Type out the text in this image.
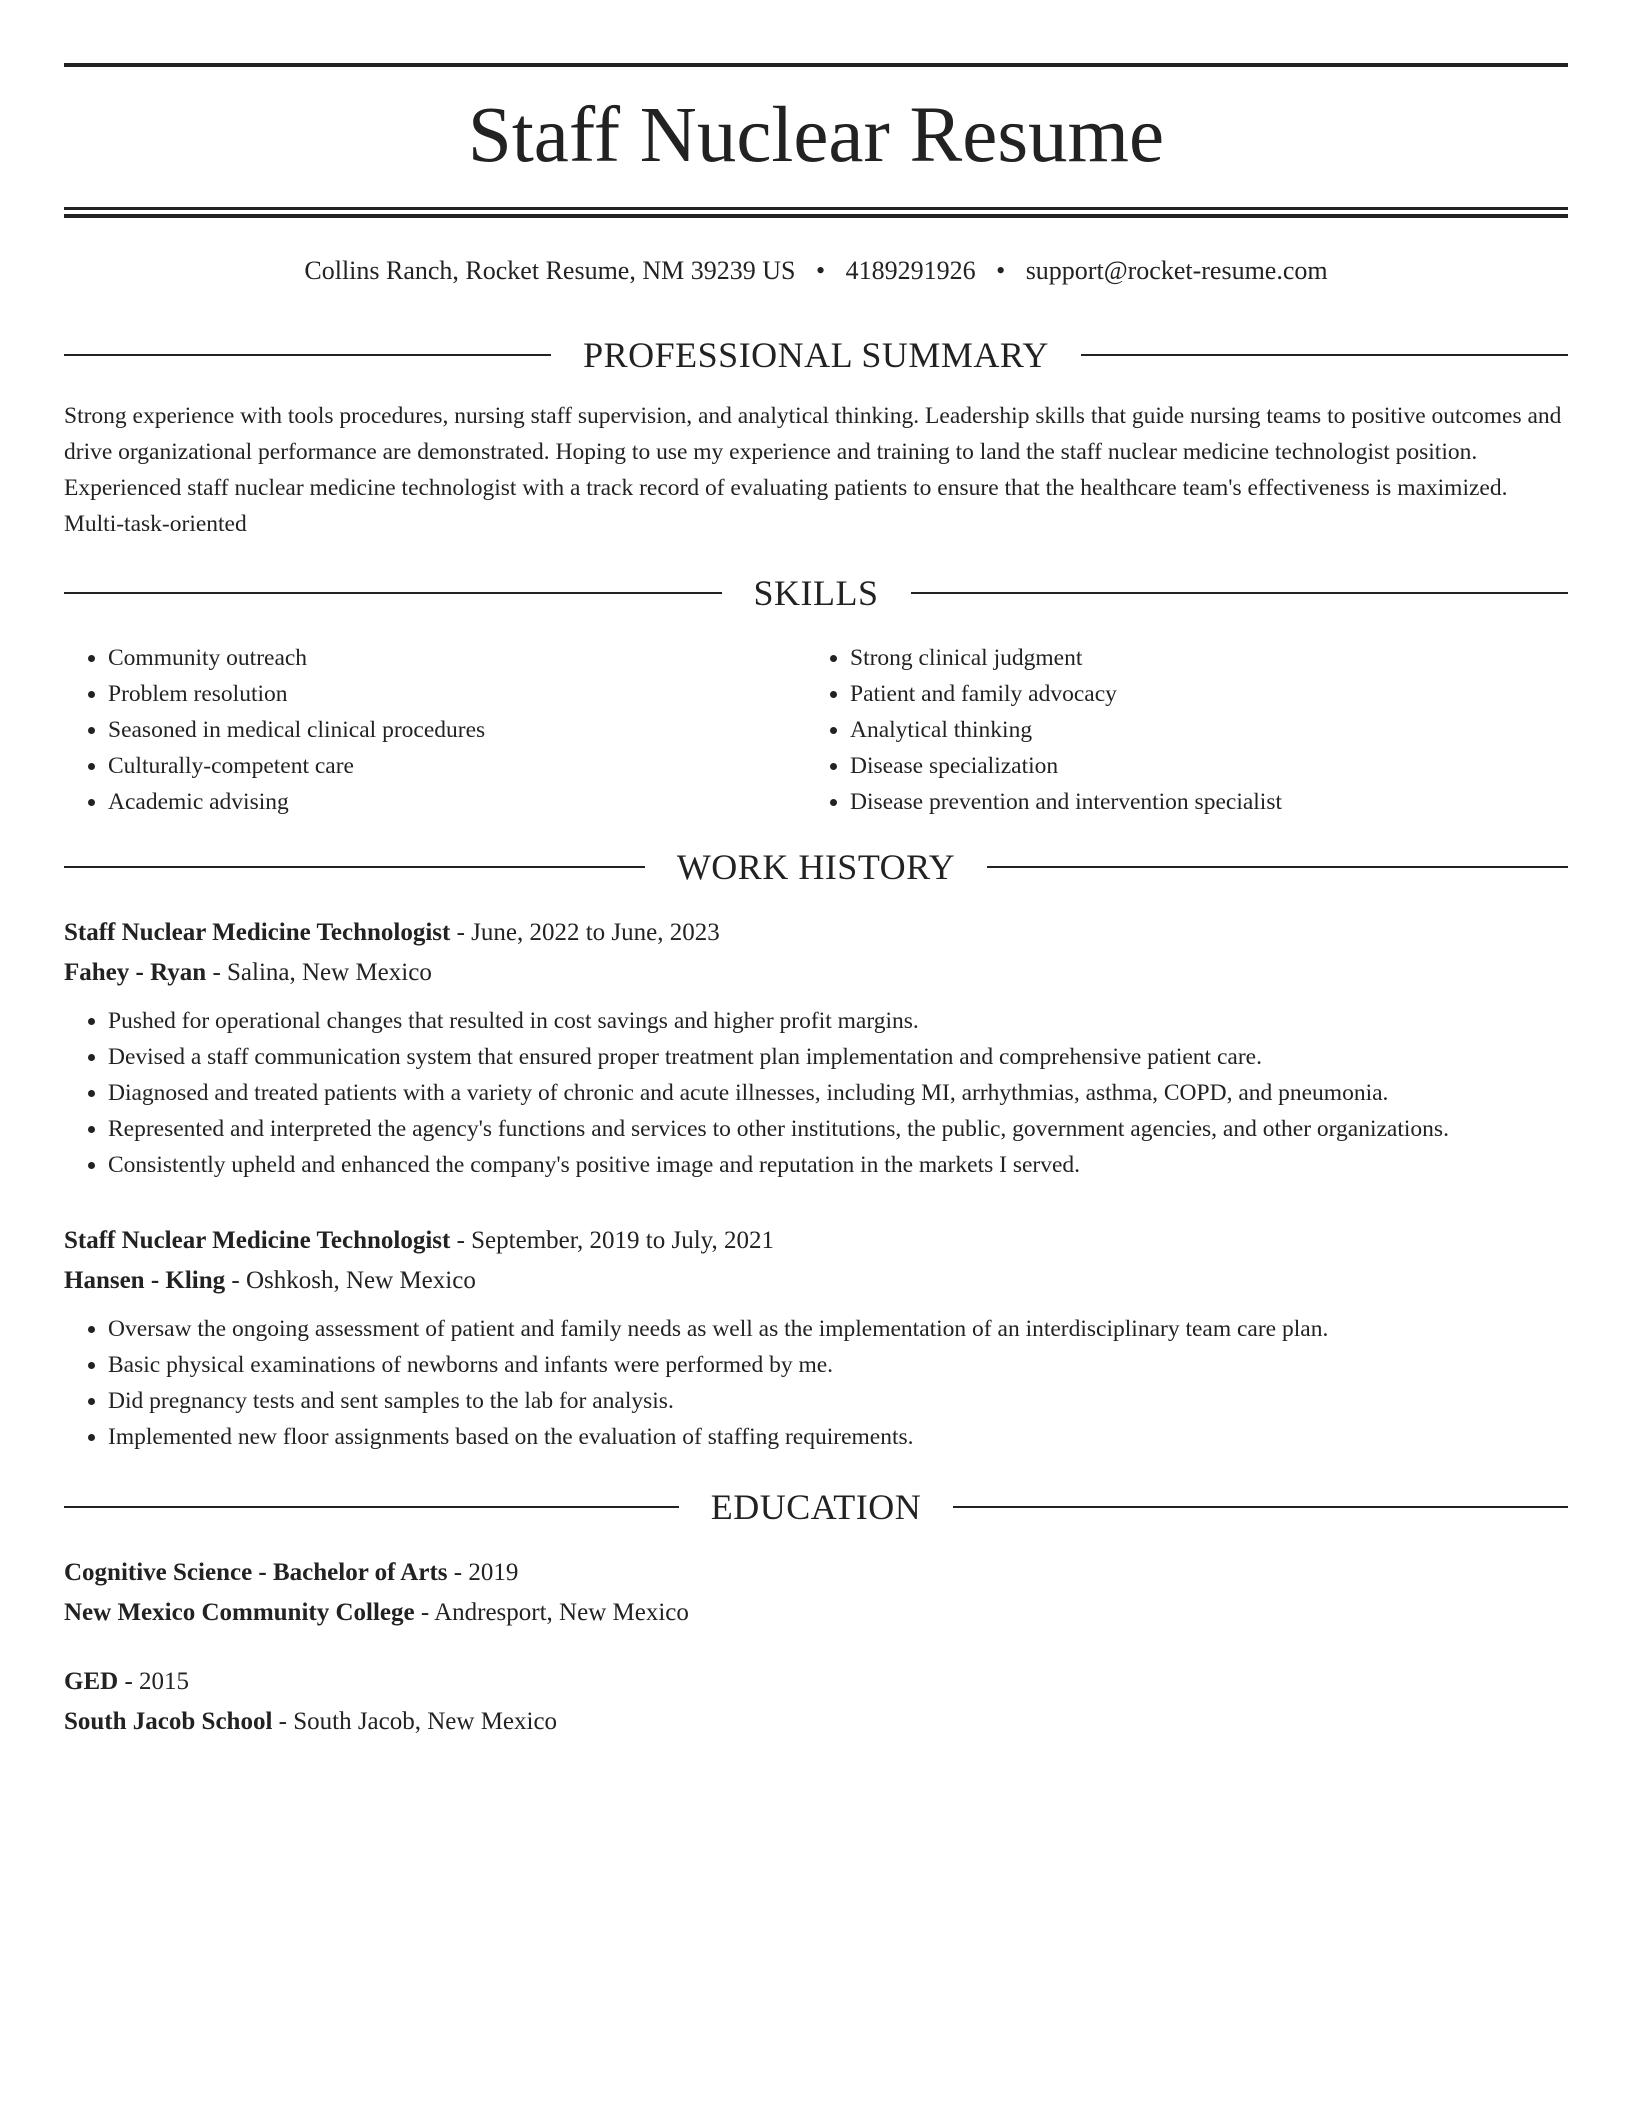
Staff Nuclear Resume
Collins Ranch, Rocket Resume, NM 39239 US • 4189291926 • support@rocket-resume.com
PROFESSIONAL SUMMARY

Strong experience with tools procedures, nursing staff supervision, and analytical thinking. Leadership skills that guide nursing teams to positive outcomes and drive organizational performance are demonstrated. Hoping to use my experience and training to land the staff nuclear medicine technologist position. Experienced staff nuclear medicine technologist with a track record of evaluating patients to ensure that the healthcare team's effectiveness is maximized. Multi-task-oriented

SKILLS
• Community outreach
• Problem resolution
• Seasoned in medical clinical procedures
• Culturally-competent care
• Academic advising
• Strong clinical judgment
• Patient and family advocacy
• Analytical thinking
• Disease specialization
• Disease prevention and intervention specialist
WORK HISTORY
Staff Nuclear Medicine Technologist - June, 2022 to June, 2023
Fahey - Ryan - Salina, New Mexico
• Pushed for operational changes that resulted in cost savings and higher profit margins.
• Devised a staff communication system that ensured proper treatment plan implementation and comprehensive patient care.
• Diagnosed and treated patients with a variety of chronic and acute illnesses, including MI, arrhythmias, asthma, COPD, and pneumonia.
• Represented and interpreted the agency's functions and services to other institutions, the public, government agencies, and other organizations.
• Consistently upheld and enhanced the company's positive image and reputation in the markets I served.
Staff Nuclear Medicine Technologist - September, 2019 to July, 2021
Hansen - Kling - Oshkosh, New Mexico
• Oversaw the ongoing assessment of patient and family needs as well as the implementation of an interdisciplinary team care plan.
• Basic physical examinations of newborns and infants were performed by me.
• Did pregnancy tests and sent samples to the lab for analysis.
• Implemented new floor assignments based on the evaluation of staffing requirements.
EDUCATION
Cognitive Science - Bachelor of Arts - 2019
New Mexico Community College - Andresport, New Mexico
GED - 2015
South Jacob School - South Jacob, New Mexico
